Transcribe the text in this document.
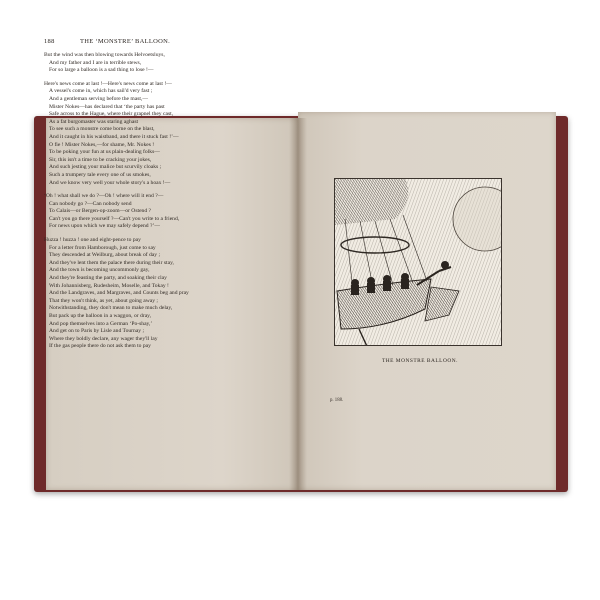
188	THE ‘MONSTRE’ BALLOON.
But the wind was then blowing towards Helvoetsluys,
And my father and I are in terrible stews,
For so large a balloon is a sad thing to lose !—
Here's news come at last !—Here's news come at last !—
A vessel's come in, which has sail'd very fast ;
And a gentleman serving before the mast,—
Mister Nokes—has declared that ‘the party has past
Safe across to the Hague, where their grapnel they cast,
As a fat burgomaster was staring aghast
To see such a monstre come borne on the blast,
And it caught in his waistband, and there it stuck fast !’—
O fie ! Mister Nokes,—for shame, Mr. Nokes !
To be poking your fun at us plain-dealing folks—
Sir, this isn't a time to be cracking your jokes,
And such jesting your malice but scurvily cloaks ;
Such a trumpery tale every one of us smokes,
And we know very well your whole story's a hoax !—
‘Oh ! what shall we do ?—Oh ! where will it end ?—
Can nobody go ?—Can nobody send
To Calais—or Bergen-op-zoom—or Ostend ?
Can't you go there yourself ?—Can't you write to a friend,
For news upon which we may safely depend ?’—
Huzza ! huzza ! one and eight-pence to pay
For a letter from Hamborough, just come to say
They descended at Weilburg, about break of day ;
And they've lent them the palace there during their stay,
And the town is becoming uncommonly gay,
And they're feasting the party, and soaking their clay
With Johannisberg, Rudesheim, Moselle, and Tokay !
And the Landgraves, and Margraves, and Counts beg and pray
That they won't think, as yet, about going away ;
Notwithstanding, they don't mean to make much delay,
But pack up the balloon in a waggon, or dray,
And pop themselves into a German ‘Po-shay,’
And get on to Paris by Lisle and Tournay ;
Where they boldly declare, any wager they'll lay
If the gas people there do not ask them to pay
THE MONSTRE BALLOON.
p. 188.
